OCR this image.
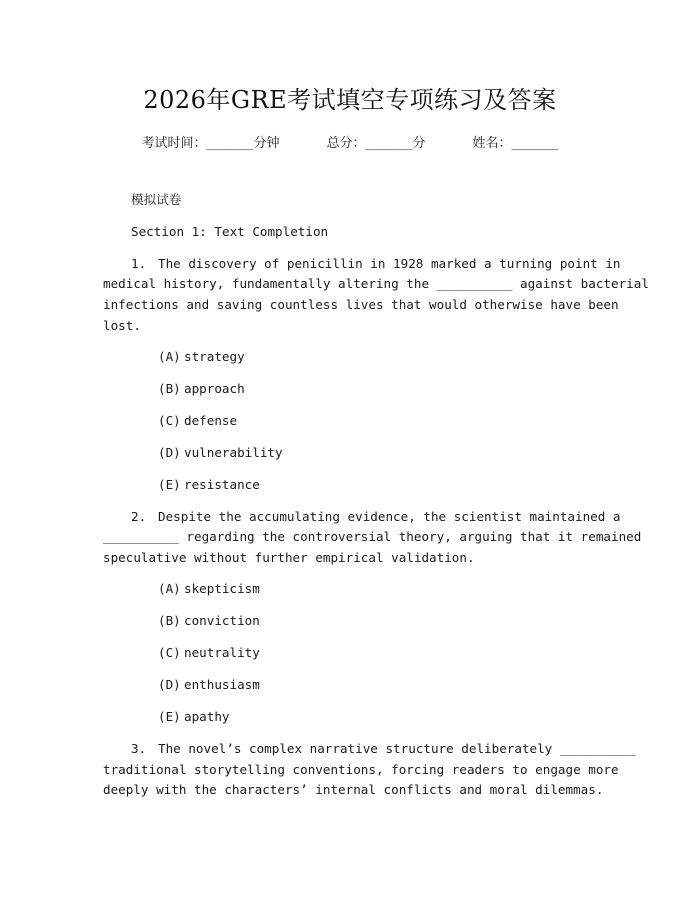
2026年GRE考试填空专项练习及答案
考试时间：______分钟	总分：______分	姓名：______
模拟试卷
Section 1: Text Completion
1. The discovery of penicillin in 1928 marked a turning point in
medical history, fundamentally altering the __________ against bacterial
infections and saving countless lives that would otherwise have been
lost.
(A) strategy
(B) approach
(C) defense
(D) vulnerability
(E) resistance
2. Despite the accumulating evidence, the scientist maintained a
__________ regarding the controversial theory, arguing that it remained
speculative without further empirical validation.
(A) skepticism
(B) conviction
(C) neutrality
(D) enthusiasm
(E) apathy
3. The novel’s complex narrative structure deliberately __________
traditional storytelling conventions, forcing readers to engage more
deeply with the characters’ internal conflicts and moral dilemmas.
